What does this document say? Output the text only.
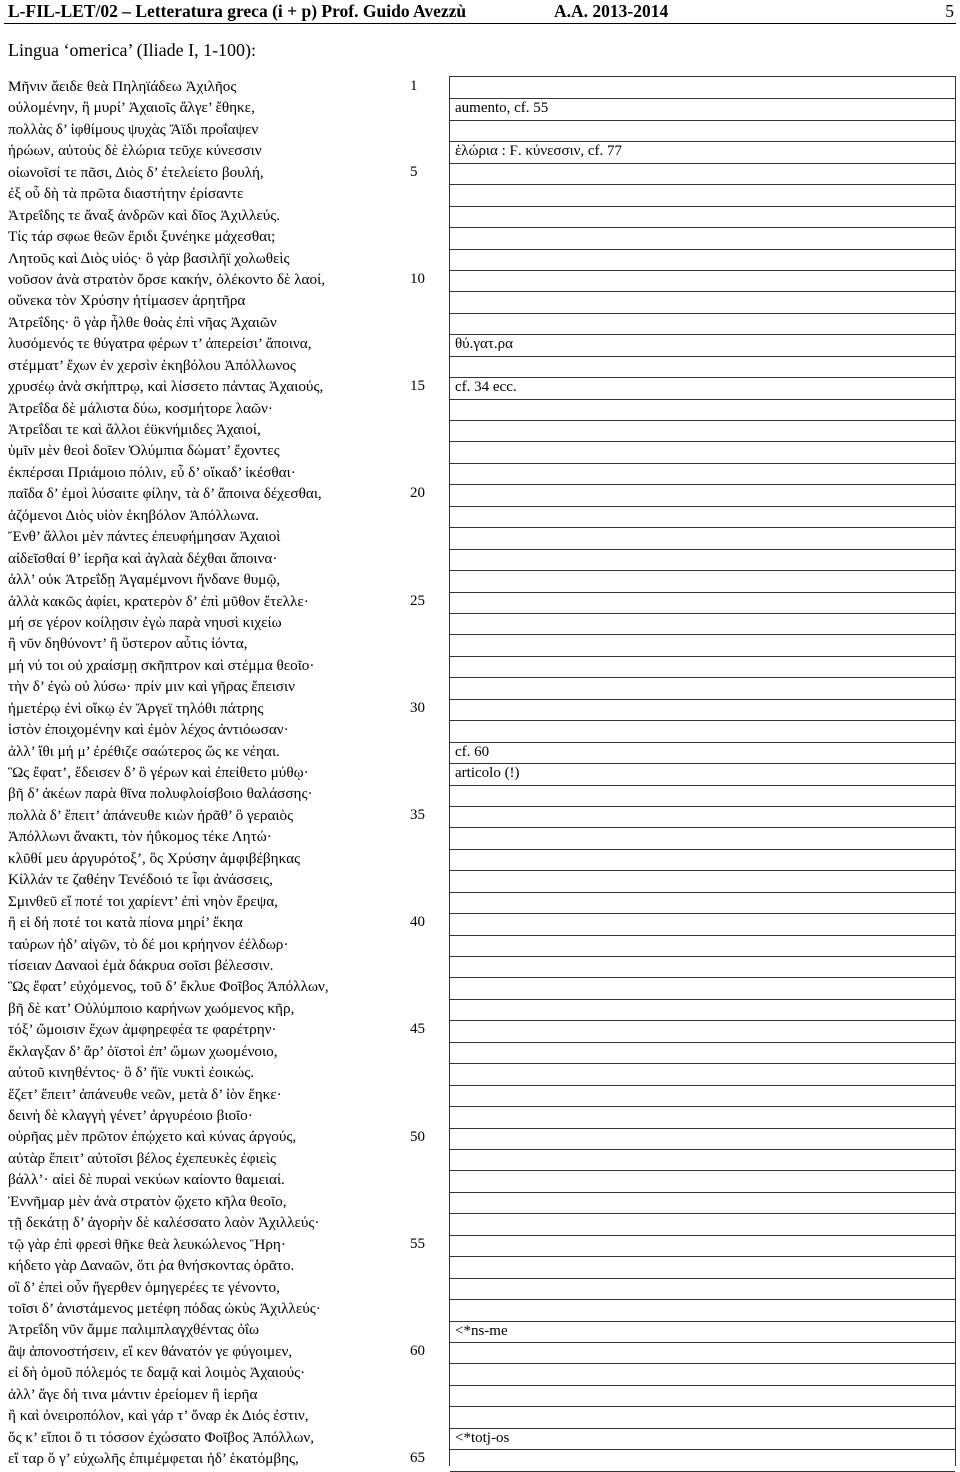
L-FIL-LET/02 – Letteratura greca (i + p) Prof. Guido Avezzù	A.A. 2013-2014	5
Lingua ‘omerica’ (Iliade I, 1-100):
Μῆνιν ἄειδε θεὰ Πηληϊάδεω Ἀχιλῆος
οὐλομένην, ἣ μυρί’ Ἀχαιοῖς ἄλγε’ ἔθηκε,
πολλὰς δ’ ἰφθίμους ψυχὰς Ἄϊδι προΐαψεν
ἡρώων, αὐτοὺς δὲ ἑλώρια τεῦχε κύνεσσιν
οἰωνοῖσί τε πᾶσι, Διὸς δ’ ἐτελείετο βουλή,
ἐξ οὗ δὴ τὰ πρῶτα διαστήτην ἐρίσαντε
Ἀτρεΐδης τε ἄναξ ἀνδρῶν καὶ δῖος Ἀχιλλεύς.
Τίς τάρ σφωε θεῶν ἔριδι ξυνέηκε μάχεσθαι;
Λητοῦς καὶ Διὸς υἱός· ὃ γὰρ βασιλῆϊ χολωθεὶς
νοῦσον ἀνὰ στρατὸν ὄρσε κακήν, ὀλέκοντο δὲ λαοί,
οὕνεκα τὸν Χρύσην ἠτίμασεν ἀρητῆρα
Ἀτρεΐδης· ὃ γὰρ ἦλθε θοὰς ἐπὶ νῆας Ἀχαιῶν
λυσόμενός τε θύγατρα φέρων τ’ ἀπερείσι’ ἄποινα,
στέμματ’ ἔχων ἐν χερσὶν ἑκηβόλου Ἀπόλλωνος
χρυσέῳ ἀνὰ σκήπτρῳ, καὶ λίσσετο πάντας Ἀχαιούς,
Ἀτρεΐδα δὲ μάλιστα δύω, κοσμήτορε λαῶν·
Ἀτρεΐδαι τε καὶ ἄλλοι ἐϋκνήμιδες Ἀχαιοί,
ὑμῖν μὲν θεοὶ δοῖεν Ὀλύμπια δώματ’ ἔχοντες
ἐκπέρσαι Πριάμοιο πόλιν, εὖ δ’ οἴκαδ’ ἱκέσθαι·
παῖδα δ’ ἐμοὶ λύσαιτε φίλην, τὰ δ’ ἄποινα δέχεσθαι,
ἁζόμενοι Διὸς υἱὸν ἑκηβόλον Ἀπόλλωνα.
Ἔνθ’ ἄλλοι μὲν πάντες ἐπευφήμησαν Ἀχαιοὶ
αἰδεῖσθαί θ’ ἱερῆα καὶ ἀγλαὰ δέχθαι ἄποινα·
ἀλλ’ οὐκ Ἀτρεΐδῃ Ἀγαμέμνονι ἥνδανε θυμῷ,
ἀλλὰ κακῶς ἀφίει, κρατερὸν δ’ ἐπὶ μῦθον ἔτελλε·
μή σε γέρον κοίλῃσιν ἐγὼ παρὰ νηυσὶ κιχείω
ἢ νῦν δηθύνοντ’ ἢ ὕστερον αὖτις ἰόντα,
μή νύ τοι οὐ χραίσμῃ σκῆπτρον καὶ στέμμα θεοῖο·
τὴν δ’ ἐγὼ οὐ λύσω· πρίν μιν καὶ γῆρας ἔπεισιν
ἡμετέρῳ ἐνὶ οἴκῳ ἐν Ἄργεϊ τηλόθι πάτρης
ἱστὸν ἐποιχομένην καὶ ἐμὸν λέχος ἀντιόωσαν·
ἀλλ’ ἴθι μή μ’ ἐρέθιζε σαώτερος ὥς κε νέηαι.
Ὣς ἔφατ’, ἔδεισεν δ’ ὃ γέρων καὶ ἐπείθετο μύθῳ·
βῆ δ’ ἀκέων παρὰ θῖνα πολυφλοίσβοιο θαλάσσης·
πολλὰ δ’ ἔπειτ’ ἀπάνευθε κιὼν ἠρᾶθ’ ὃ γεραιὸς
Ἀπόλλωνι ἄνακτι, τὸν ἠΰκομος τέκε Λητώ·
κλῦθί μευ ἀργυρότοξ’, ὃς Χρύσην ἀμφιβέβηκας
Κίλλάν τε ζαθέην Τενέδοιό τε ἶφι ἀνάσσεις,
Σμινθεῦ εἴ ποτέ τοι χαρίεντ’ ἐπὶ νηὸν ἔρεψα,
ἢ εἰ δή ποτέ τοι κατὰ πίονα μηρί’ ἔκηα
ταύρων ἠδ’ αἰγῶν, τὸ δέ μοι κρήηνον ἐέλδωρ·
τίσειαν Δαναοὶ ἐμὰ δάκρυα σοῖσι βέλεσσιν.
Ὣς ἔφατ’ εὐχόμενος, τοῦ δ’ ἔκλυε Φοῖβος Ἀπόλλων,
βῆ δὲ κατ’ Οὐλύμποιο καρήνων χωόμενος κῆρ,
τόξ’ ὤμοισιν ἔχων ἀμφηρεφέα τε φαρέτρην·
ἔκλαγξαν δ’ ἄρ’ ὀϊστοὶ ἐπ’ ὤμων χωομένοιο,
αὐτοῦ κινηθέντος· ὃ δ’ ἤϊε νυκτὶ ἐοικώς.
ἕζετ’ ἔπειτ’ ἀπάνευθε νεῶν, μετὰ δ’ ἰὸν ἕηκε·
δεινὴ δὲ κλαγγὴ γένετ’ ἀργυρέοιο βιοῖο·
οὐρῆας μὲν πρῶτον ἐπῴχετο καὶ κύνας ἀργούς,
αὐτὰρ ἔπειτ’ αὐτοῖσι βέλος ἐχεπευκὲς ἐφιεὶς
βάλλ’· αἰεὶ δὲ πυραὶ νεκύων καίοντο θαμειαί.
Ἐννῆμαρ μὲν ἀνὰ στρατὸν ᾤχετο κῆλα θεοῖο,
τῇ δεκάτῃ δ’ ἀγορὴν δὲ καλέσσατο λαὸν Ἀχιλλεύς·
τῷ γὰρ ἐπὶ φρεσὶ θῆκε θεὰ λευκώλενος Ἥρη·
κήδετο γὰρ Δαναῶν, ὅτι ῥα θνήσκοντας ὁρᾶτο.
οἳ δ’ ἐπεὶ οὖν ἤγερθεν ὁμηγερέες τε γένοντο,
τοῖσι δ’ ἀνιστάμενος μετέφη πόδας ὠκὺς Ἀχιλλεύς·
Ἀτρεΐδη νῦν ἄμμε παλιμπλαγχθέντας ὀΐω
ἂψ ἀπονοστήσειν, εἴ κεν θάνατόν γε φύγοιμεν,
εἰ δὴ ὁμοῦ πόλεμός τε δαμᾷ καὶ λοιμὸς Ἀχαιούς·
ἀλλ’ ἄγε δή τινα μάντιν ἐρείομεν ἢ ἱερῆα
ἢ καὶ ὀνειροπόλον, καὶ γάρ τ’ ὄναρ ἐκ Διός ἐστιν,
ὅς κ’ εἴποι ὅ τι τόσσον ἐχώσατο Φοῖβος Ἀπόλλων,
εἴ ταρ ὅ γ’ εὐχωλῆς ἐπιμέμφεται ἠδ’ ἑκατόμβης,
1
5
10
15
20
25
30
35
40
45
50
55
60
65
aumento, cf. 55
ἑλώρια : Ϝ. κύνεσσιν, cf. 77
θύ.γατ.ρα
cf. 34 ecc.
cf. 60
articolo (!)
<*ns-me
<*totj-os
